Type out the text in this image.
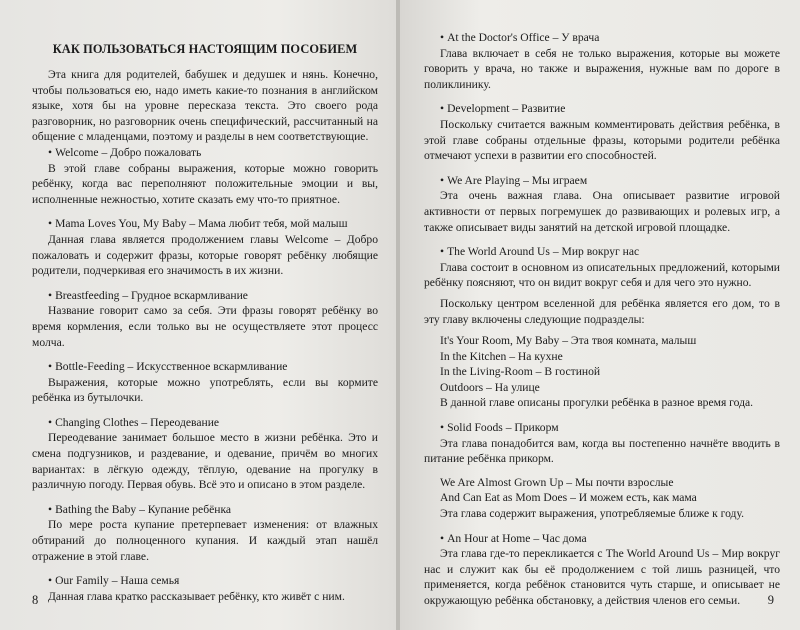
КАК ПОЛЬЗОВАТЬСЯ НАСТОЯЩИМ ПОСОБИЕМ

Эта книга для родителей, бабушек и дедушек и нянь. Конечно, чтобы пользоваться ею, надо иметь какие-то познания в английском языке, хотя бы на уровне пересказа текста. Это своего рода разговорник, но разговорник очень специфический, рассчитанный на общение с младенцами, поэтому и разделы в нем соответствующие.

• Welcome – Добро пожаловать

В этой главе собраны выражения, которые можно говорить ребёнку, когда вас переполняют положительные эмоции и вы, исполненные нежностью, хотите сказать ему что-то приятное.

• Mama Loves You, My Baby – Мама любит тебя, мой малыш

Данная глава является продолжением главы Welcome – Добро пожаловать и содержит фразы, которые говорят ребёнку любящие родители, подчеркивая его значимость в их жизни.

• Breastfeeding – Грудное вскармливание

Название говорит само за себя. Эти фразы говорят ребёнку во время кормления, если только вы не осуществляете этот процесс молча.

• Bottle-Feeding – Искусственное вскармливание

Выражения, которые можно употреблять, если вы кормите ребёнка из бутылочки.

• Changing Clothes – Переодевание

Переодевание занимает большое место в жизни ребёнка. Это и смена подгузников, и раздевание, и одевание, причём во многих вариантах: в лёгкую одежду, тёплую, одевание на прогулку в различную погоду. Первая обувь. Всё это и описано в этом разделе.

• Bathing the Baby – Купание ребёнка

По мере роста купание претерпевает изменения: от влажных обтираний до полноценного купания. И каждый этап нашёл отражение в этой главе.

• Our Family – Наша семья

Данная глава кратко рассказывает ребёнку, кто живёт с ним.

8

• At the Doctor's Office – У врача

Глава включает в себя не только выражения, которые вы можете говорить у врача, но также и выражения, нужные вам по дороге в поликлинику.

• Development – Развитие

Поскольку считается важным комментировать действия ребёнка, в этой главе собраны отдельные фразы, которыми родители ребёнка отмечают успехи в развитии его способностей.

• We Are Playing – Мы играем

Эта очень важная глава. Она описывает развитие игровой активности от первых погремушек до развивающих и ролевых игр, а также описывает виды занятий на детской игровой площадке.

• The World Around Us – Мир вокруг нас

Глава состоит в основном из описательных предложений, которыми ребёнку поясняют, что он видит вокруг себя и для чего это нужно.

Поскольку центром вселенной для ребёнка является его дом, то в эту главу включены следующие подразделы:

It's Your Room, My Baby – Эта твоя комната, малыш

In the Kitchen – На кухне

In the Living-Room – В гостиной

Outdoors – На улице

В данной главе описаны прогулки ребёнка в разное время года.

• Solid Foods – Прикорм

Эта глава понадобится вам, когда вы постепенно начнёте вводить в питание ребёнка прикорм.

We Are Almost Grown Up – Мы почти взрослые

And Can Eat as Mom Does – И можем есть, как мама

Эта глава содержит выражения, употребляемые ближе к году.

• An Hour at Home – Час дома

Эта глава где-то перекликается с The World Around Us – Мир вокруг нас и служит как бы её продолжением с той лишь разницей, что применяется, когда ребёнок становится чуть старше, и описывает не окружающую ребёнка обстановку, а действия членов его семьи.	9
